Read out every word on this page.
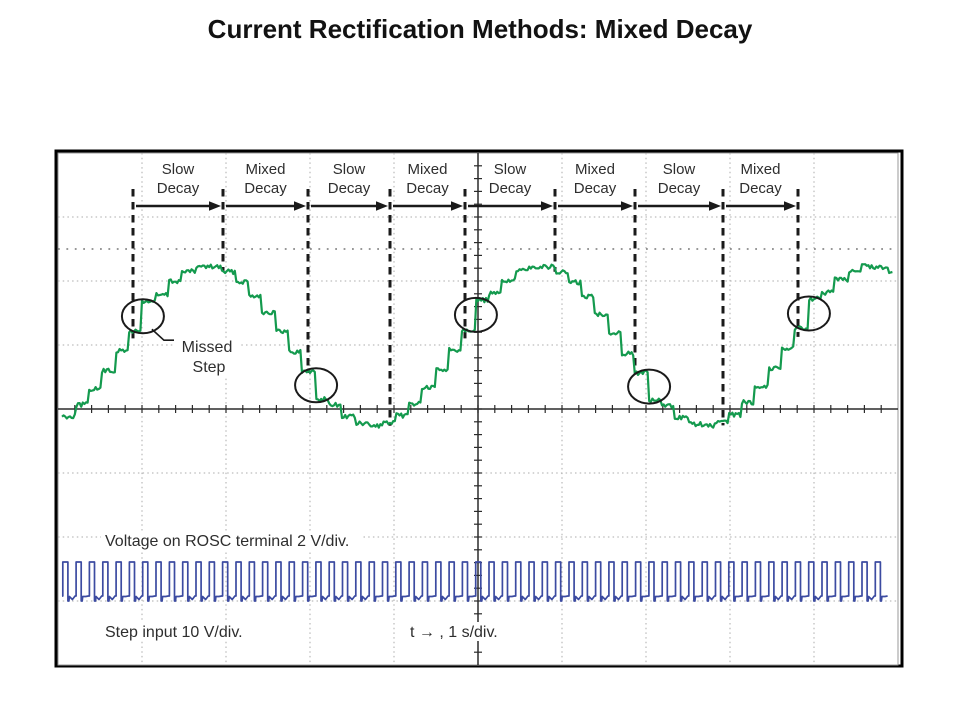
Current Rectification Methods: Mixed Decay
Slow Decay
Mixed Decay
Slow Decay
Mixed Decay
Slow Decay
Mixed Decay
Slow Decay
Mixed Decay
Missed
Step
Voltage on ROSC terminal 2 V/div.
Step input 10 V/div.	t → , 1 s/div.
